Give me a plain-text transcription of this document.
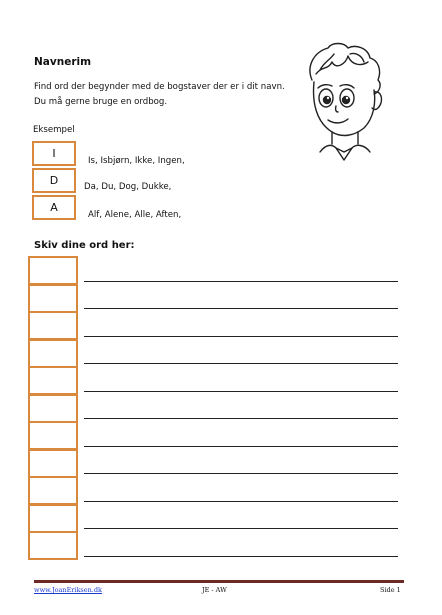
Navnerim
Find ord der begynder med de bogstaver der er i dit navn.
Du må gerne bruge en ordbog.
Eksempel
I
D
A
Is, Isbjørn, Ikke, Ingen,
Da, Du, Dog, Dukke,
Alf, Alene, Alle, Aften,
Skiv dine ord her:
www.JoanEriksen.dk	JE - AW	Side 1
